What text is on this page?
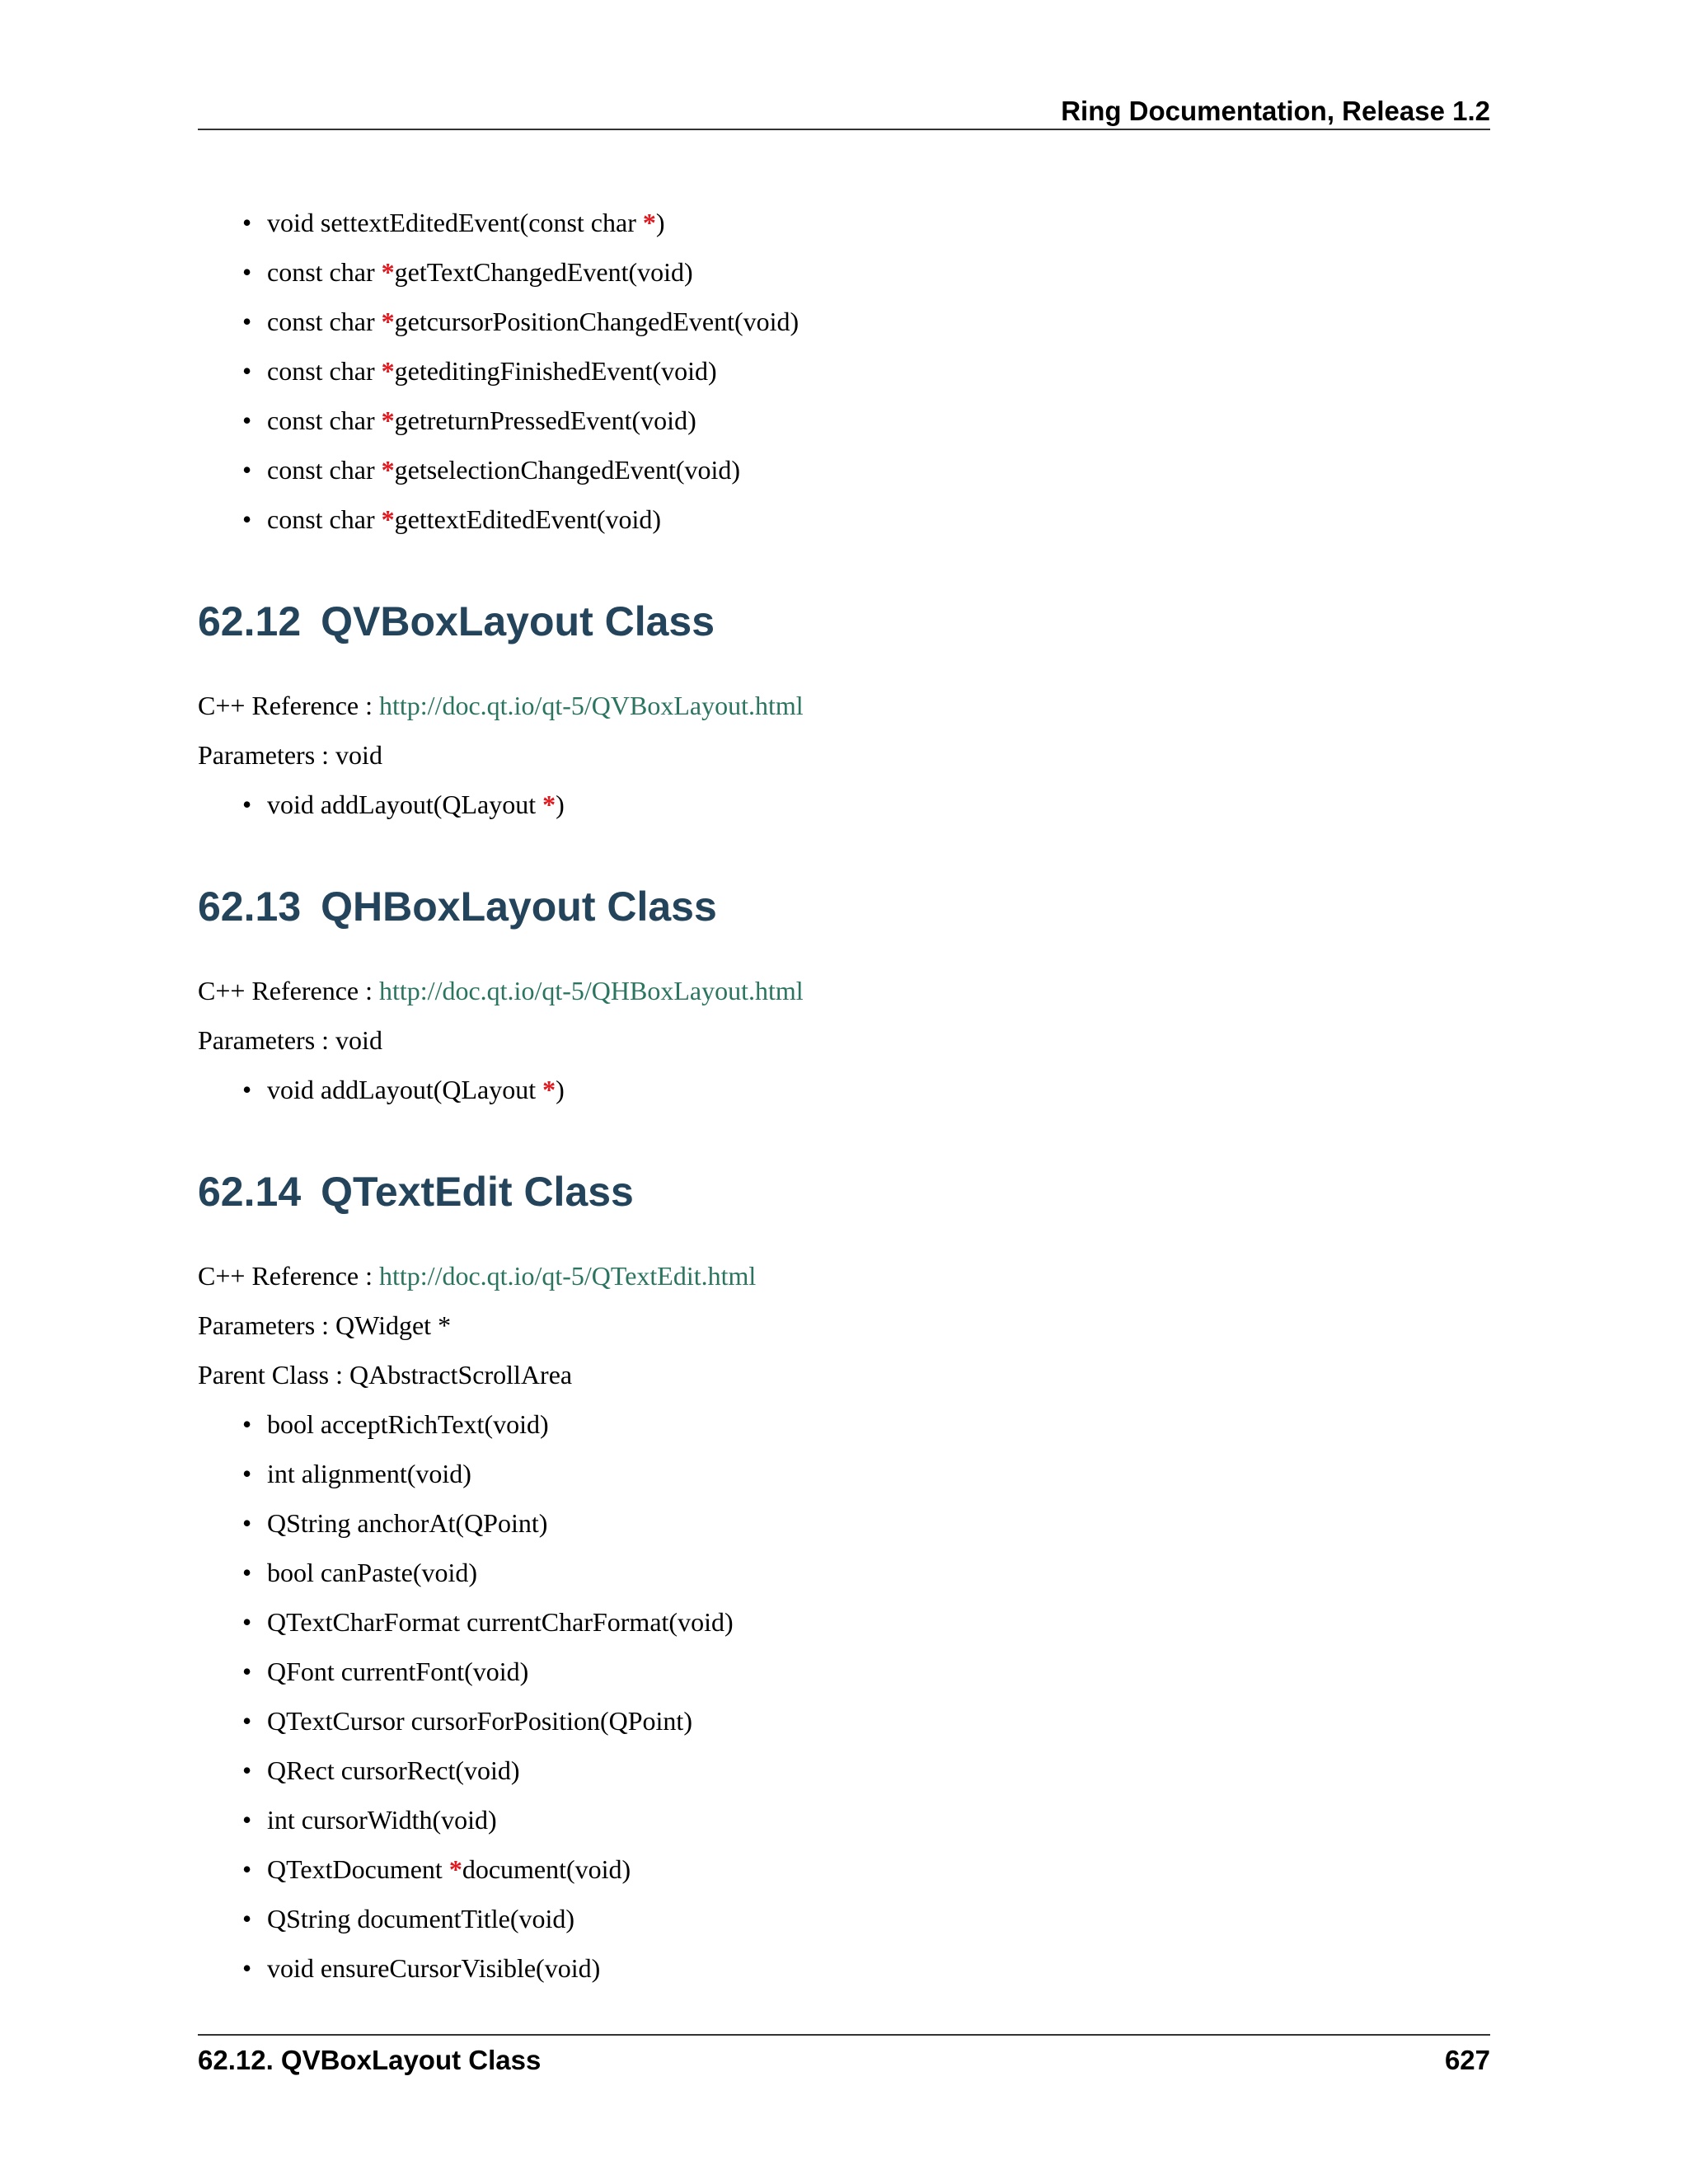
Ring Documentation, Release 1.2
• void settextEditedEvent(const char *)
• const char *getTextChangedEvent(void)
• const char *getcursorPositionChangedEvent(void)
• const char *geteditingFinishedEvent(void)
• const char *getreturnPressedEvent(void)
• const char *getselectionChangedEvent(void)
• const char *gettextEditedEvent(void)
62.12 QVBoxLayout Class
C++ Reference : http://doc.qt.io/qt-5/QVBoxLayout.html
Parameters : void
• void addLayout(QLayout *)
62.13 QHBoxLayout Class
C++ Reference : http://doc.qt.io/qt-5/QHBoxLayout.html
Parameters : void
• void addLayout(QLayout *)
62.14 QTextEdit Class
C++ Reference : http://doc.qt.io/qt-5/QTextEdit.html
Parameters : QWidget *
Parent Class : QAbstractScrollArea
• bool acceptRichText(void)
• int alignment(void)
• QString anchorAt(QPoint)
• bool canPaste(void)
• QTextCharFormat currentCharFormat(void)
• QFont currentFont(void)
• QTextCursor cursorForPosition(QPoint)
• QRect cursorRect(void)
• int cursorWidth(void)
• QTextDocument *document(void)
• QString documentTitle(void)
• void ensureCursorVisible(void)
62.12. QVBoxLayout Class	627
